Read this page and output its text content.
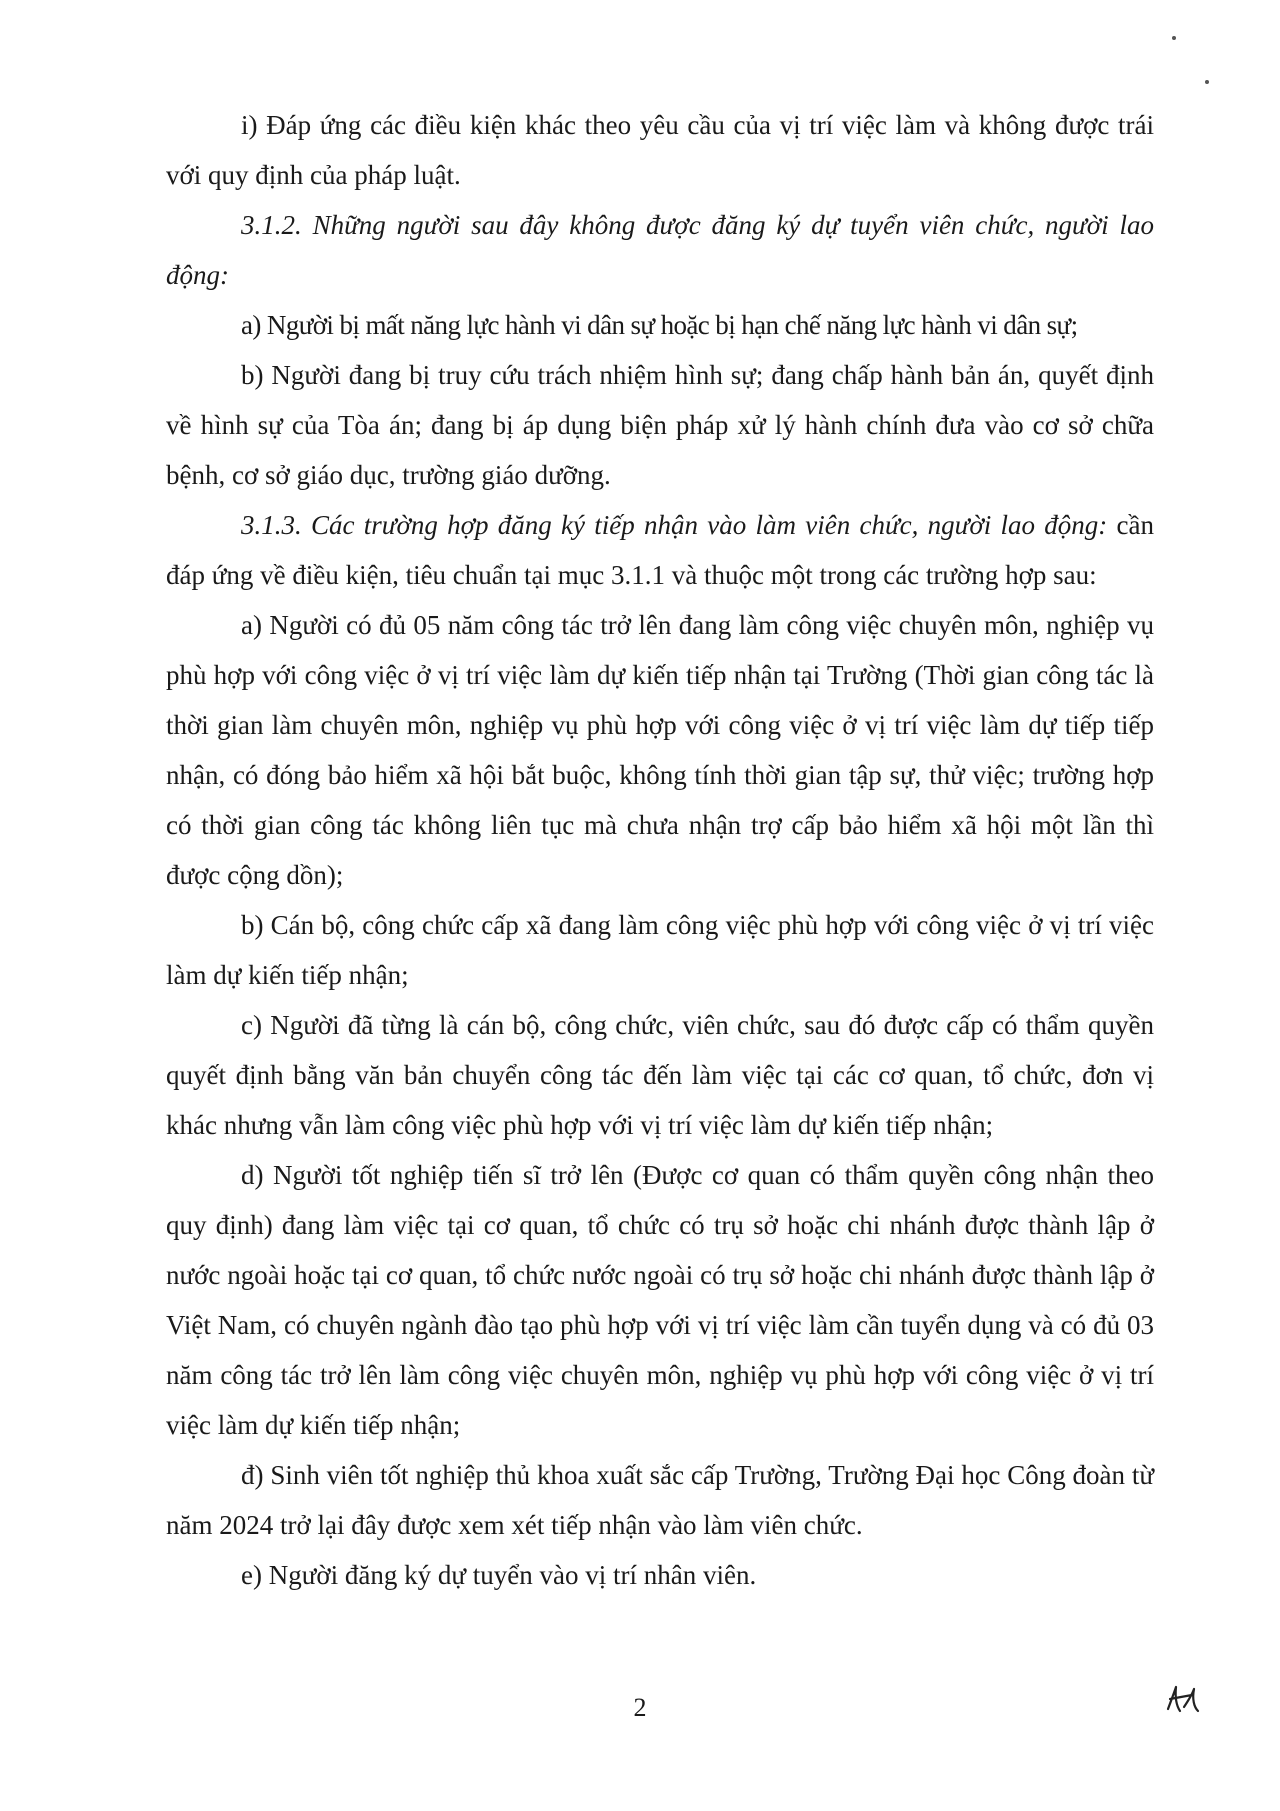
i) Đáp ứng các điều kiện khác theo yêu cầu của vị trí việc làm và không được trái với quy định của pháp luật.

3.1.2. Những người sau đây không được đăng ký dự tuyển viên chức, người lao động:

a) Người bị mất năng lực hành vi dân sự hoặc bị hạn chế năng lực hành vi dân sự;

b) Người đang bị truy cứu trách nhiệm hình sự; đang chấp hành bản án, quyết định về hình sự của Tòa án; đang bị áp dụng biện pháp xử lý hành chính đưa vào cơ sở chữa bệnh, cơ sở giáo dục, trường giáo dưỡng.

3.1.3. Các trường hợp đăng ký tiếp nhận vào làm viên chức, người lao động: cần đáp ứng về điều kiện, tiêu chuẩn tại mục 3.1.1 và thuộc một trong các trường hợp sau:

a) Người có đủ 05 năm công tác trở lên đang làm công việc chuyên môn, nghiệp vụ phù hợp với công việc ở vị trí việc làm dự kiến tiếp nhận tại Trường (Thời gian công tác là thời gian làm chuyên môn, nghiệp vụ phù hợp với công việc ở vị trí việc làm dự tiếp tiếp nhận, có đóng bảo hiểm xã hội bắt buộc, không tính thời gian tập sự, thử việc; trường hợp có thời gian công tác không liên tục mà chưa nhận trợ cấp bảo hiểm xã hội một lần thì được cộng dồn);

b) Cán bộ, công chức cấp xã đang làm công việc phù hợp với công việc ở vị trí việc làm dự kiến tiếp nhận;

c) Người đã từng là cán bộ, công chức, viên chức, sau đó được cấp có thẩm quyền quyết định bằng văn bản chuyển công tác đến làm việc tại các cơ quan, tổ chức, đơn vị khác nhưng vẫn làm công việc phù hợp với vị trí việc làm dự kiến tiếp nhận;

d) Người tốt nghiệp tiến sĩ trở lên (Được cơ quan có thẩm quyền công nhận theo quy định) đang làm việc tại cơ quan, tổ chức có trụ sở hoặc chi nhánh được thành lập ở nước ngoài hoặc tại cơ quan, tổ chức nước ngoài có trụ sở hoặc chi nhánh được thành lập ở Việt Nam, có chuyên ngành đào tạo phù hợp với vị trí việc làm cần tuyển dụng và có đủ 03 năm công tác trở lên làm công việc chuyên môn, nghiệp vụ phù hợp với công việc ở vị trí việc làm dự kiến tiếp nhận;

đ) Sinh viên tốt nghiệp thủ khoa xuất sắc cấp Trường, Trường Đại học Công đoàn từ năm 2024 trở lại đây được xem xét tiếp nhận vào làm viên chức.

e) Người đăng ký dự tuyển vào vị trí nhân viên.

2
